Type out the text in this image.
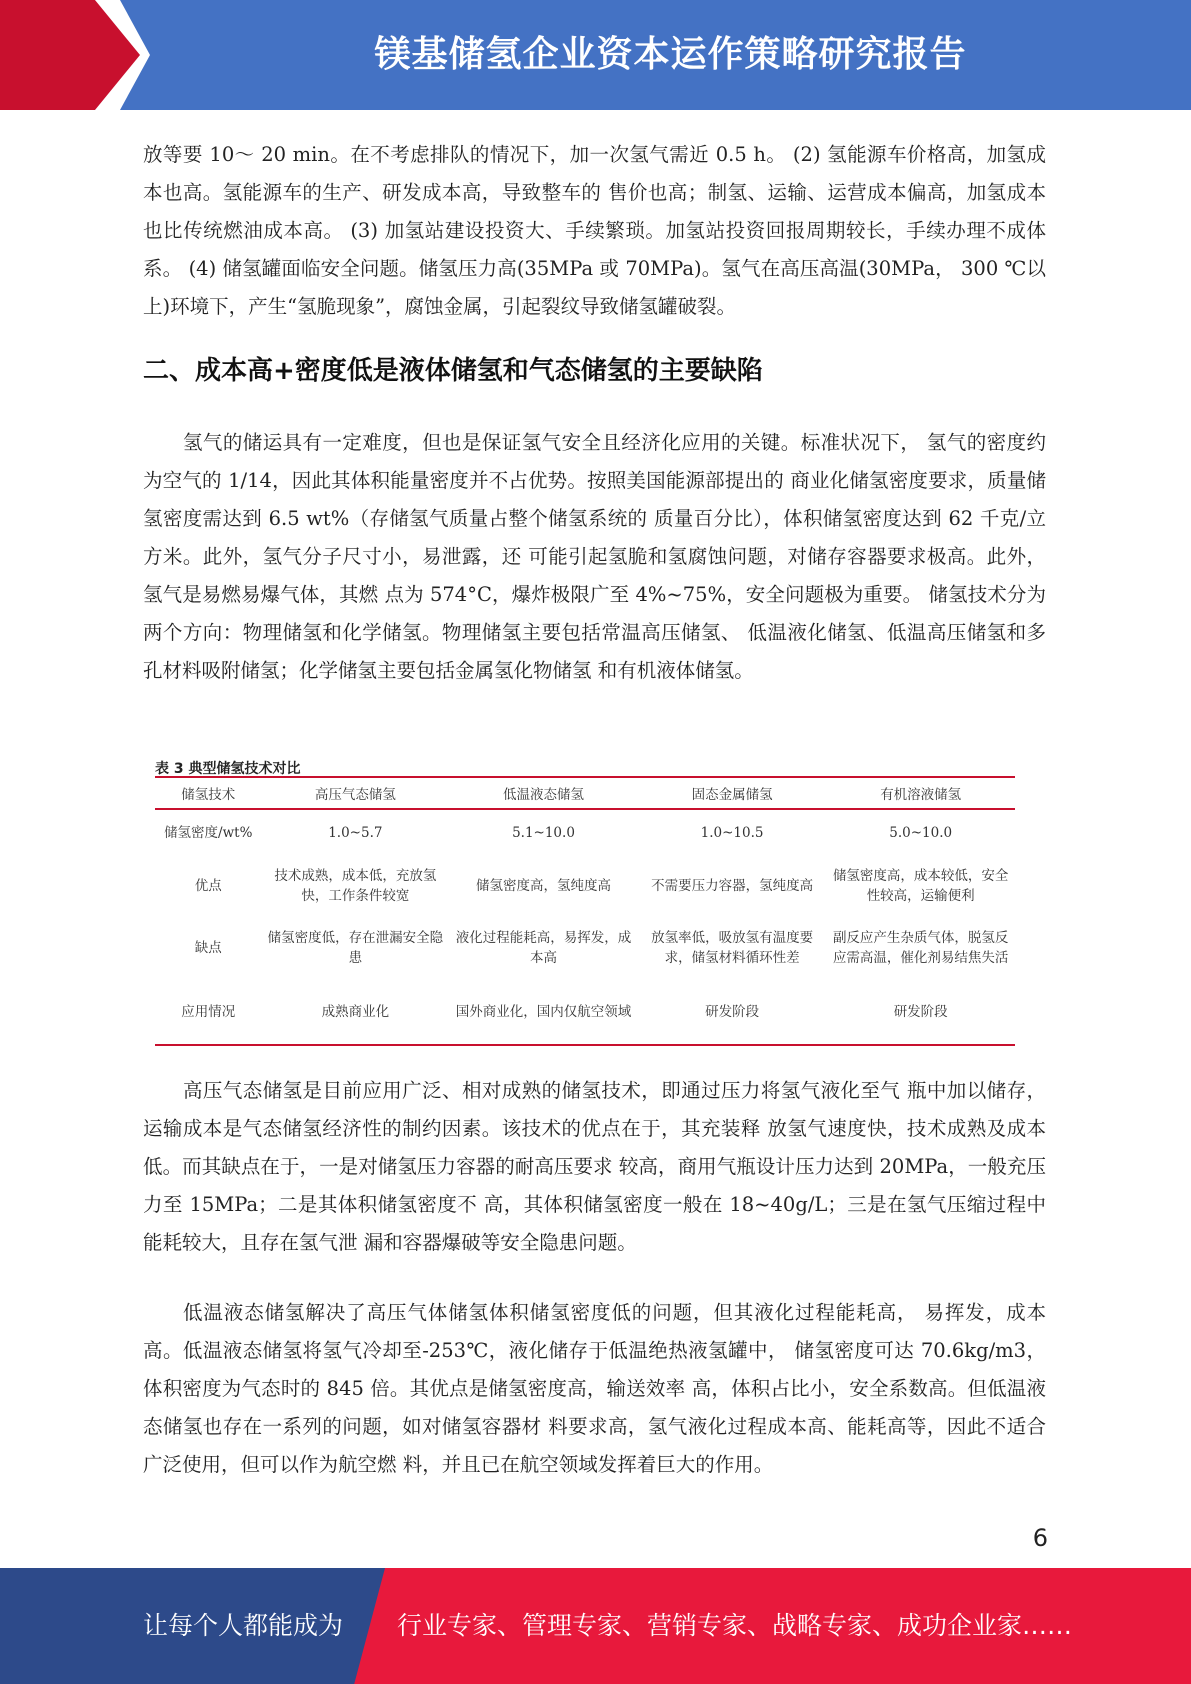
镁基储氢企业资本运作策略研究报告

放等要 10～ 20 min。在不考虑排队的情况下，加一次氢气需近 0.5 h。 (2) 氢能源车价格高，加氢成本也高。氢能源车的生产、研发成本高，导致整车的 售价也高；制氢、运输、运营成本偏高，加氢成本也比传统燃油成本高。 (3) 加氢站建设投资大、手续繁琐。加氢站投资回报周期较长，手续办理不成体系。 (4) 储氢罐面临安全问题。储氢压力高(35MPa 或 70MPa)。氢气在高压高温(30MPa， 300 ℃以上)环境下，产生“氢脆现象”，腐蚀金属，引起裂纹导致储氢罐破裂。

二、成本高+密度低是液体储氢和气态储氢的主要缺陷

氢气的储运具有一定难度，但也是保证氢气安全且经济化应用的关键。标准状况下， 氢气的密度约为空气的 1/14，因此其体积能量密度并不占优势。按照美国能源部提出的 商业化储氢密度要求，质量储氢密度需达到 6.5 wt%（存储氢气质量占整个储氢系统的 质量百分比），体积储氢密度达到 62 千克/立方米。此外，氢气分子尺寸小，易泄露，还 可能引起氢脆和氢腐蚀问题，对储存容器要求极高。此外，氢气是易燃易爆气体，其燃 点为 574°C，爆炸极限广至 4%~75%，安全问题极为重要。 储氢技术分为两个方向：物理储氢和化学储氢。物理储氢主要包括常温高压储氢、 低温液化储氢、低温高压储氢和多孔材料吸附储氢；化学储氢主要包括金属氢化物储氢 和有机液体储氢。

表 3 典型储氢技术对比
储氢技术	高压气态储氢	低温液态储氢	固态金属储氢	有机溶液储氢
储氢密度/wt%	1.0~5.7	5.1~10.0	1.0~10.5	5.0~10.0
优点	技术成熟，成本低，充放氢快，工作条件较宽	储氢密度高，氢纯度高	不需要压力容器，氢纯度高	储氢密度高，成本较低，安全性较高，运输便利
缺点	储氢密度低，存在泄漏安全隐患	液化过程能耗高，易挥发，成本高	放氢率低，吸放氢有温度要求，储氢材料循环性差	副反应产生杂质气体，脱氢反应需高温，催化剂易结焦失活
应用情况	成熟商业化	国外商业化，国内仅航空领域	研发阶段	研发阶段

高压气态储氢是目前应用广泛、相对成熟的储氢技术，即通过压力将氢气液化至气 瓶中加以储存，运输成本是气态储氢经济性的制约因素。该技术的优点在于，其充装释 放氢气速度快，技术成熟及成本低。而其缺点在于，一是对储氢压力容器的耐高压要求 较高，商用气瓶设计压力达到 20MPa，一般充压力至 15MPa；二是其体积储氢密度不 高，其体积储氢密度一般在 18~40g/L；三是在氢气压缩过程中能耗较大，且存在氢气泄 漏和容器爆破等安全隐患问题。

低温液态储氢解决了高压气体储氢体积储氢密度低的问题，但其液化过程能耗高， 易挥发，成本高。低温液态储氢将氢气冷却至-253℃，液化储存于低温绝热液氢罐中， 储氢密度可达 70.6kg/m3，体积密度为气态时的 845 倍。其优点是储氢密度高，输送效率 高，体积占比小，安全系数高。但低温液态储氢也存在一系列的问题，如对储氢容器材 料要求高，氢气液化过程成本高、能耗高等，因此不适合广泛使用，但可以作为航空燃 料，并且已在航空领域发挥着巨大的作用。

6
让每个人都能成为 行业专家、管理专家、营销专家、战略专家、成功企业家……
